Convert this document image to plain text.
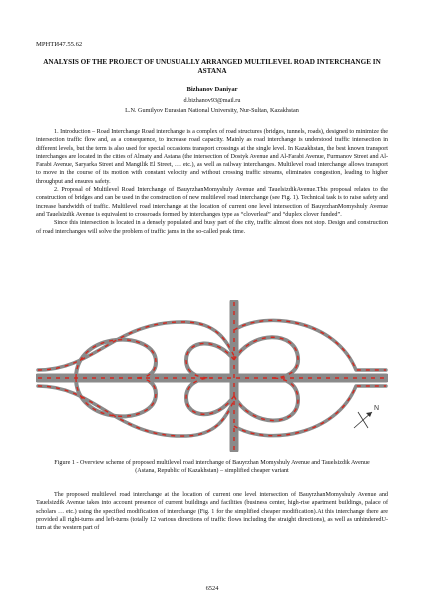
МРНТИ47.55.62
ANALYSIS OF THE PROJECT OF UNUSUALLY ARRANGED MULTILEVEL ROAD INTERCHANGE IN ASTANA
Bizhanov Daniyar
d.bizhanov93@mail.ru
L.N. Gumilyov Eurasian National University, Nur-Sultan, Kazakhstan

1. Introduction – Road Interchange Road interchange is a complex of road structures (bridges, tunnels, roads), designed to minimize the intersection traffic flow and, as a consequence, to increase road capacity. Mainly as road interchange is understood traffic intersection in different levels, but the term is also used for special occasions transport crossings at the single level. In Kazakhstan, the best known transport interchanges are located in the cities of Almaty and Astana (the intersection of Dostyk Avenue and Al-Farabi Avenue, Furmanov Street and Al-Farabi Avenue, Saryarka Street and Mangilik El Street, … etc.), as well as railway interchanges. Multilevel road interchange allows transport to move in the course of its motion with constant velocity and without crossing traffic streams, eliminates congestion, leading to higher throughput and ensures safety.

2. Proposal of Multilevel Road Interchange of BauyrzhanMomyshuly Avenue and TauelsizdikAvenue.This proposal relates to the construction of bridges and can be used in the construction of new multilevel road interchange (see Fig. 1). Technical task is to raise safety and increase bandwidth of traffic. Multilevel road interchange at the location of current one level intersection of BauyrzhanMomyshuly Avenue and Tauelsizdik Avenue is equivalent to crossroads formed by interchanges type as “cloverleaf” and “duplex clover funded”.

Since this intersection is located in a densely populated and busy part of the city, traffic almost does not stop. Design and construction of road interchanges will solve the problem of traffic jams in the so-called peak time.

N
Figure 1 - Overview scheme of proposed multilevel road interchange of Bauyrzhan Momyshuly Avenue and Tauelsizdik Avenue (Astana, Republic of Kazakhstan) – simplified cheaper variant

The proposed multilevel road interchange at the location of current one level intersection of BauyrzhanMomyshuly Avenue and Tauelsizdik Avenue takes into account presence of current buildings and facilities (business center, high-rise apartment buildings, palace of scholars … etc.) using the specified modification of interchange (Fig. 1 for the simplified cheaper modification).At this interchange there are provided all right-turns and left-turns (totally 12 various directions of traffic flows including the straight directions), as well as unhinderedU-turn at the western part of

6524
